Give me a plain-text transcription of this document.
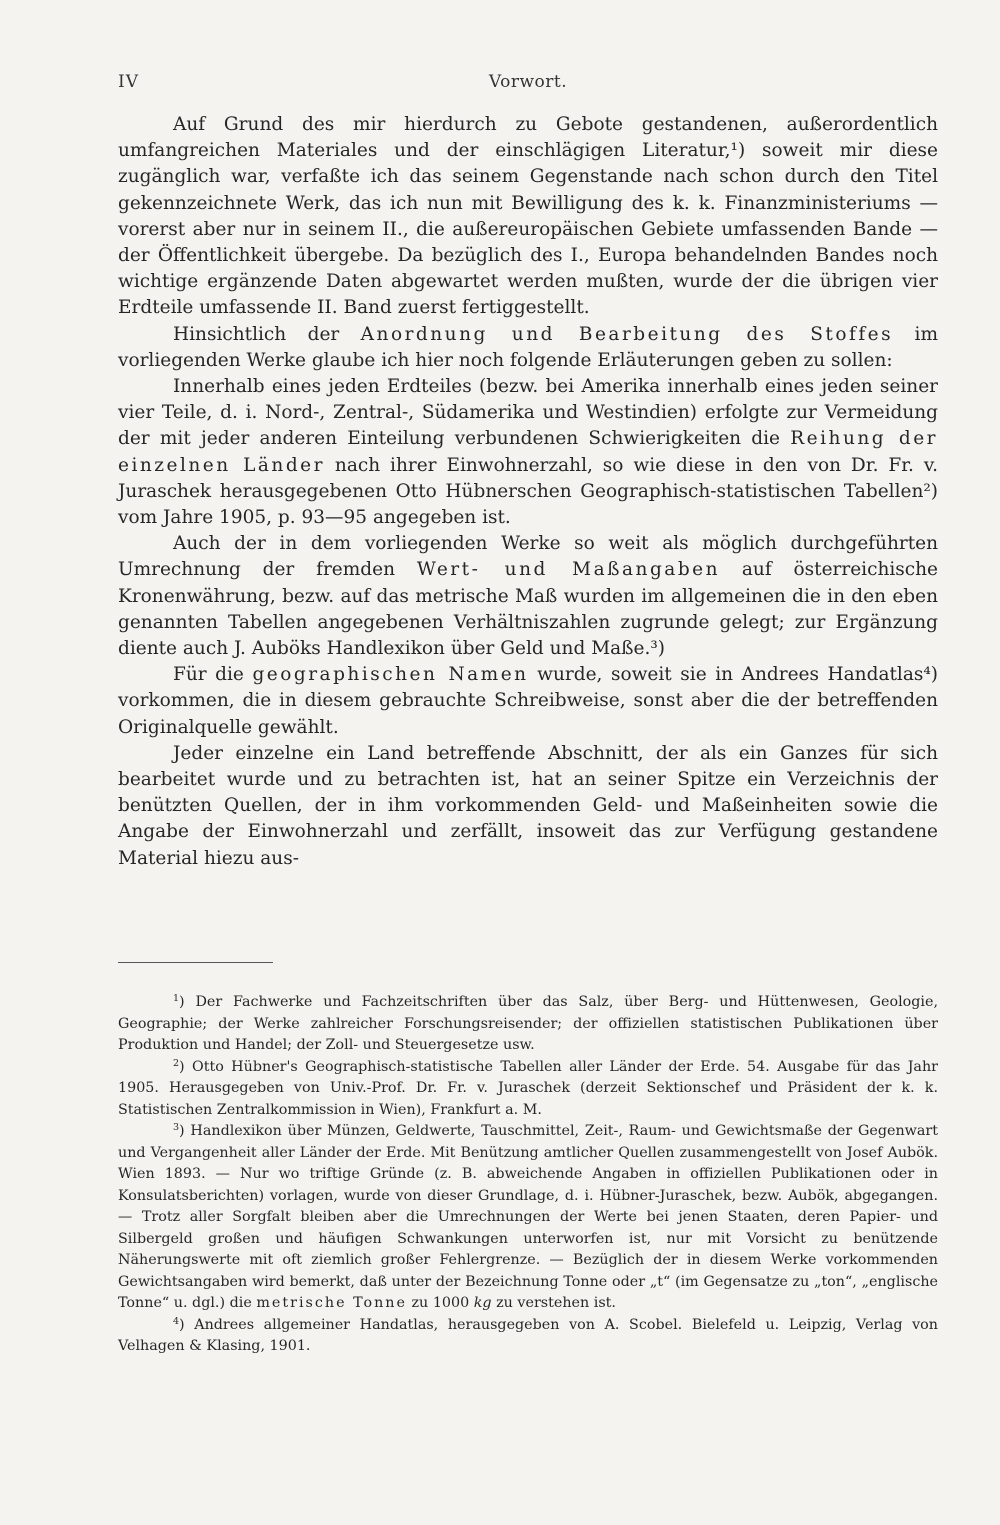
IV	Vorwort.

Auf Grund des mir hierdurch zu Gebote gestandenen, außerordentlich umfangreichen Materiales und der einschlägigen Literatur,¹) soweit mir diese zugänglich war, verfaßte ich das seinem Gegenstande nach schon durch den Titel gekennzeichnete Werk, das ich nun mit Bewilligung des k. k. Finanzministeriums — vorerst aber nur in seinem II., die außereuropäischen Gebiete umfassenden Bande — der Öffentlichkeit übergebe. Da bezüglich des I., Europa behandelnden Bandes noch wichtige ergänzende Daten abgewartet werden mußten, wurde der die übrigen vier Erdteile umfassende II. Band zuerst fertiggestellt.

Hinsichtlich der Anordnung und Bearbeitung des Stoffes im vorliegenden Werke glaube ich hier noch folgende Erläuterungen geben zu sollen:

Innerhalb eines jeden Erdteiles (bezw. bei Amerika innerhalb eines jeden seiner vier Teile, d. i. Nord-, Zentral-, Südamerika und Westindien) erfolgte zur Vermeidung der mit jeder anderen Einteilung verbundenen Schwierigkeiten die Reihung der einzelnen Länder nach ihrer Einwohnerzahl, so wie diese in den von Dr. Fr. v. Juraschek herausgegebenen Otto Hübnerschen Geographisch-statistischen Tabellen²) vom Jahre 1905, p. 93—95 angegeben ist.

Auch der in dem vorliegenden Werke so weit als möglich durchgeführten Umrechnung der fremden Wert- und Maßangaben auf österreichische Kronenwährung, bezw. auf das metrische Maß wurden im allgemeinen die in den eben genannten Tabellen angegebenen Verhältniszahlen zugrunde gelegt; zur Ergänzung diente auch J. Auböks Handlexikon über Geld und Maße.³)

Für die geographischen Namen wurde, soweit sie in Andrees Handatlas⁴) vorkommen, die in diesem gebrauchte Schreibweise, sonst aber die der betreffenden Originalquelle gewählt.

Jeder einzelne ein Land betreffende Abschnitt, der als ein Ganzes für sich bearbeitet wurde und zu betrachten ist, hat an seiner Spitze ein Verzeichnis der benützten Quellen, der in ihm vorkommenden Geld- und Maßeinheiten sowie die Angabe der Einwohnerzahl und zerfällt, insoweit das zur Verfügung gestandene Material hiezu aus-

$^1$) Der Fachwerke und Fachzeitschriften über das Salz, über Berg- und Hüttenwesen, Geologie, Geographie; der Werke zahlreicher Forschungsreisender; der offiziellen statistischen Publikationen über Produktion und Handel; der Zoll- und Steuergesetze usw.

$^2$) Otto Hübner's Geographisch-statistische Tabellen aller Länder der Erde. 54. Ausgabe für das Jahr 1905. Herausgegeben von Univ.-Prof. Dr. Fr. v. Juraschek (derzeit Sektionschef und Präsident der k. k. Statistischen Zentralkommission in Wien), Frankfurt a. M.

$^3$) Handlexikon über Münzen, Geldwerte, Tauschmittel, Zeit-, Raum- und Gewichtsmaße der Gegenwart und Vergangenheit aller Länder der Erde. Mit Benützung amtlicher Quellen zusammengestellt von Josef Aubök. Wien 1893. — Nur wo triftige Gründe (z. B. abweichende Angaben in offiziellen Publikationen oder in Konsulatsberichten) vorlagen, wurde von dieser Grundlage, d. i. Hübner-Juraschek, bezw. Aubök, abgegangen. — Trotz aller Sorgfalt bleiben aber die Umrechnungen der Werte bei jenen Staaten, deren Papier- und Silbergeld großen und häufigen Schwankungen unterworfen ist, nur mit Vorsicht zu benützende Näherungswerte mit oft ziemlich großer Fehlergrenze. — Bezüglich der in diesem Werke vorkommenden Gewichtsangaben wird bemerkt, daß unter der Bezeichnung Tonne oder „t“ (im Gegensatze zu „ton“, „englische Tonne“ u. dgl.) die metrische Tonne zu 1000 kg zu verstehen ist.

$^4$) Andrees allgemeiner Handatlas, herausgegeben von A. Scobel. Bielefeld u. Leipzig, Verlag von Velhagen & Klasing, 1901.
